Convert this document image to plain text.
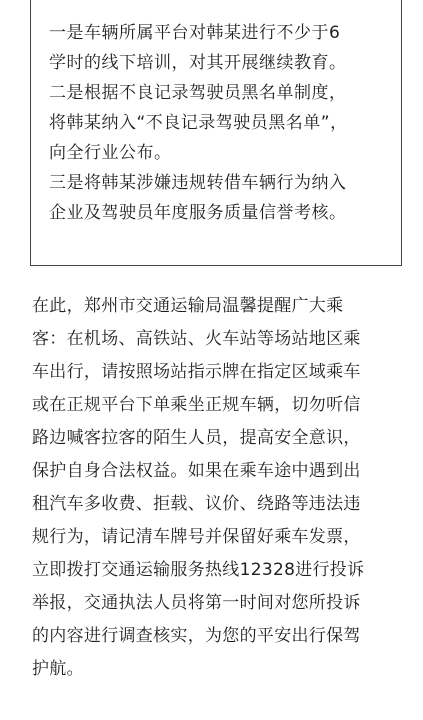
一是车辆所属平台对韩某进行不少于6

学时的线下培训，对其开展继续教育。

二是根据不良记录驾驶员黑名单制度，

将韩某纳入“不良记录驾驶员黑名单”，

向全行业公布。

三是将韩某涉嫌违规转借车辆行为纳入

企业及驾驶员年度服务质量信誉考核。

在此，郑州市交通运输局温馨提醒广大乘

客：在机场、高铁站、火车站等场站地区乘

车出行，请按照场站指示牌在指定区域乘车

或在正规平台下单乘坐正规车辆，切勿听信

路边喊客拉客的陌生人员，提高安全意识，

保护自身合法权益。如果在乘车途中遇到出

租汽车多收费、拒载、议价、绕路等违法违

规行为，请记清车牌号并保留好乘车发票，

立即拨打交通运输服务热线12328进行投诉

举报，交通执法人员将第一时间对您所投诉

的内容进行调查核实，为您的平安出行保驾

护航。
